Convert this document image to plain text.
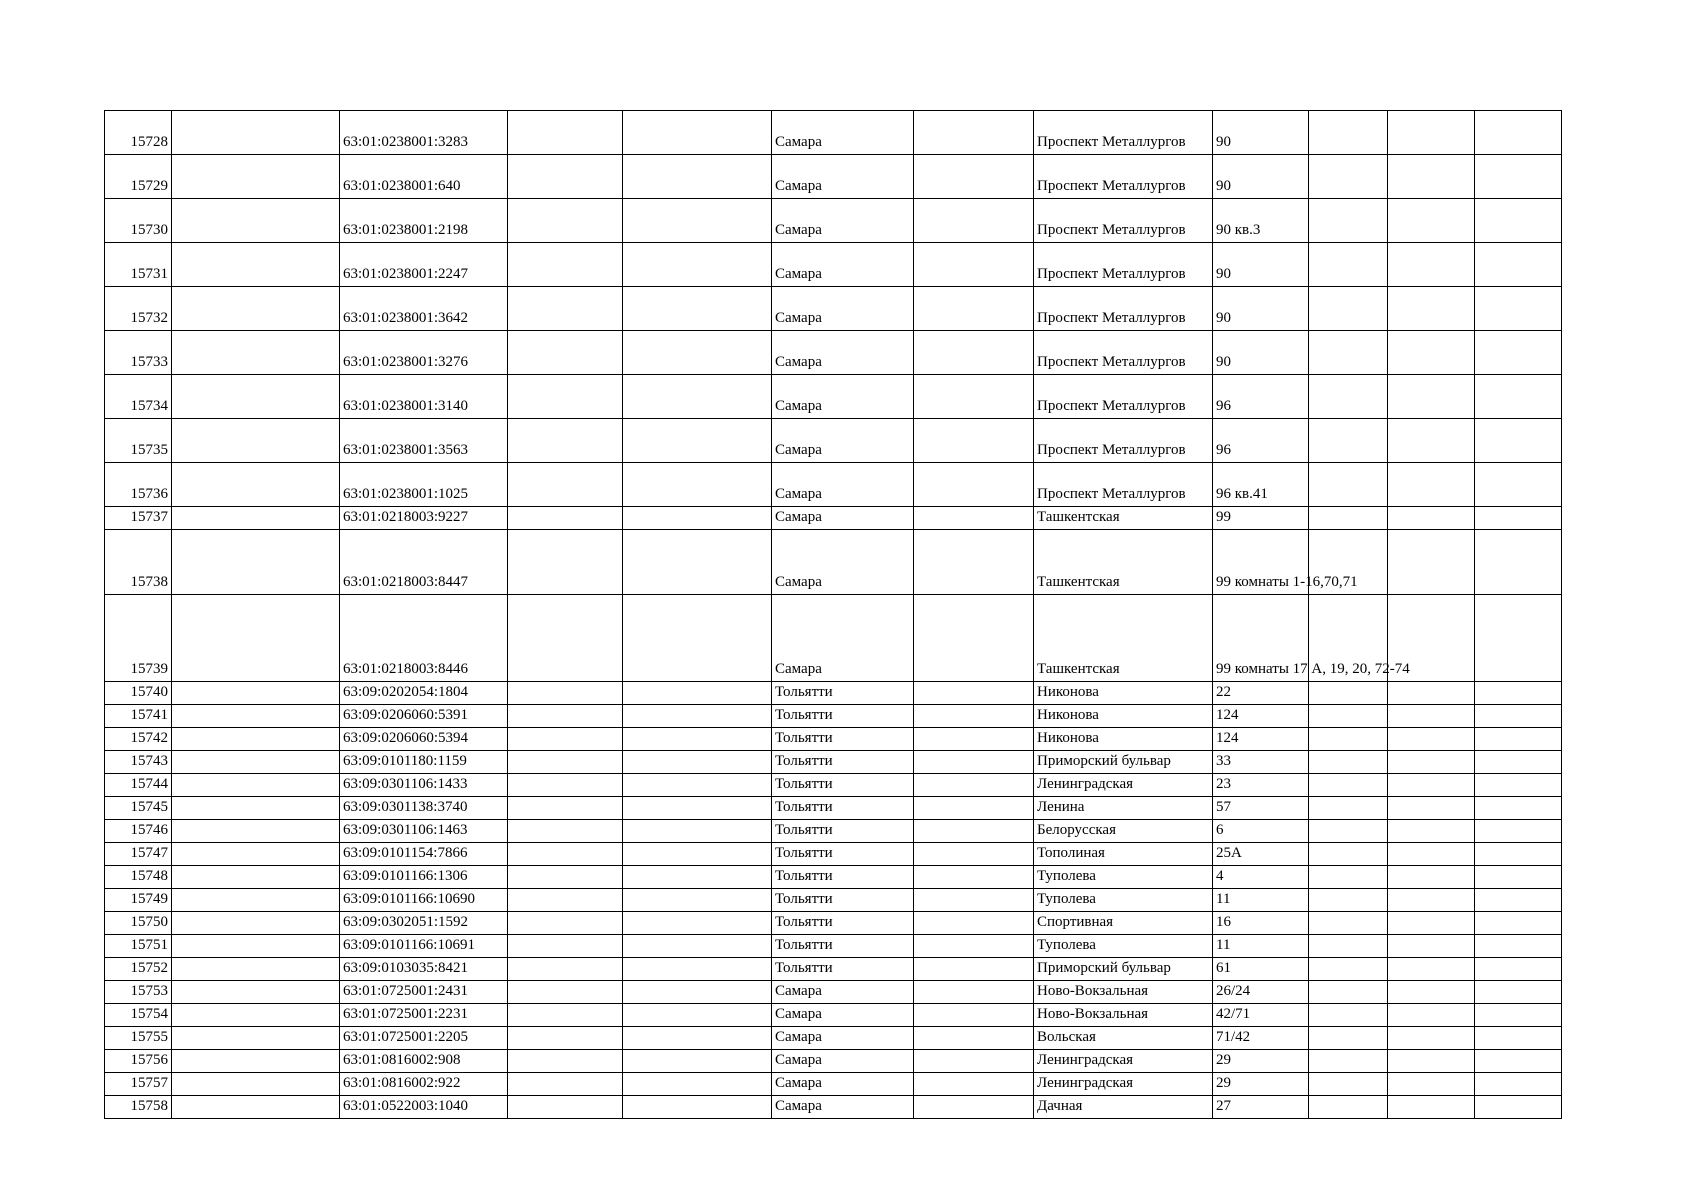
15728		63:01:0238001:3283			Самара		Проспект Металлургов	90			
15729		63:01:0238001:640			Самара		Проспект Металлургов	90			
15730		63:01:0238001:2198			Самара		Проспект Металлургов	90 кв.3			
15731		63:01:0238001:2247			Самара		Проспект Металлургов	90			
15732		63:01:0238001:3642			Самара		Проспект Металлургов	90			
15733		63:01:0238001:3276			Самара		Проспект Металлургов	90			
15734		63:01:0238001:3140			Самара		Проспект Металлургов	96			
15735		63:01:0238001:3563			Самара		Проспект Металлургов	96			
15736		63:01:0238001:1025			Самара		Проспект Металлургов	96 кв.41			
15737		63:01:0218003:9227			Самара		Ташкентская	99			
15738		63:01:0218003:8447			Самара		Ташкентская	99 комнаты 1-16,70,71			
15739		63:01:0218003:8446			Самара		Ташкентская	99 комнаты 17 А, 19, 20, 72-74			
15740		63:09:0202054:1804			Тольятти		Никонова	22			
15741		63:09:0206060:5391			Тольятти		Никонова	124			
15742		63:09:0206060:5394			Тольятти		Никонова	124			
15743		63:09:0101180:1159			Тольятти		Приморский бульвар	33			
15744		63:09:0301106:1433			Тольятти		Ленинградская	23			
15745		63:09:0301138:3740			Тольятти		Ленина	57			
15746		63:09:0301106:1463			Тольятти		Белорусская	6			
15747		63:09:0101154:7866			Тольятти		Тополиная	25А			
15748		63:09:0101166:1306			Тольятти		Туполева	4			
15749		63:09:0101166:10690			Тольятти		Туполева	11			
15750		63:09:0302051:1592			Тольятти		Спортивная	16			
15751		63:09:0101166:10691			Тольятти		Туполева	11			
15752		63:09:0103035:8421			Тольятти		Приморский бульвар	61			
15753		63:01:0725001:2431			Самара		Ново-Вокзальная	26/24			
15754		63:01:0725001:2231			Самара		Ново-Вокзальная	42/71			
15755		63:01:0725001:2205			Самара		Вольская	71/42			
15756		63:01:0816002:908			Самара		Ленинградская	29			
15757		63:01:0816002:922			Самара		Ленинградская	29			
15758		63:01:0522003:1040			Самара		Дачная	27			
